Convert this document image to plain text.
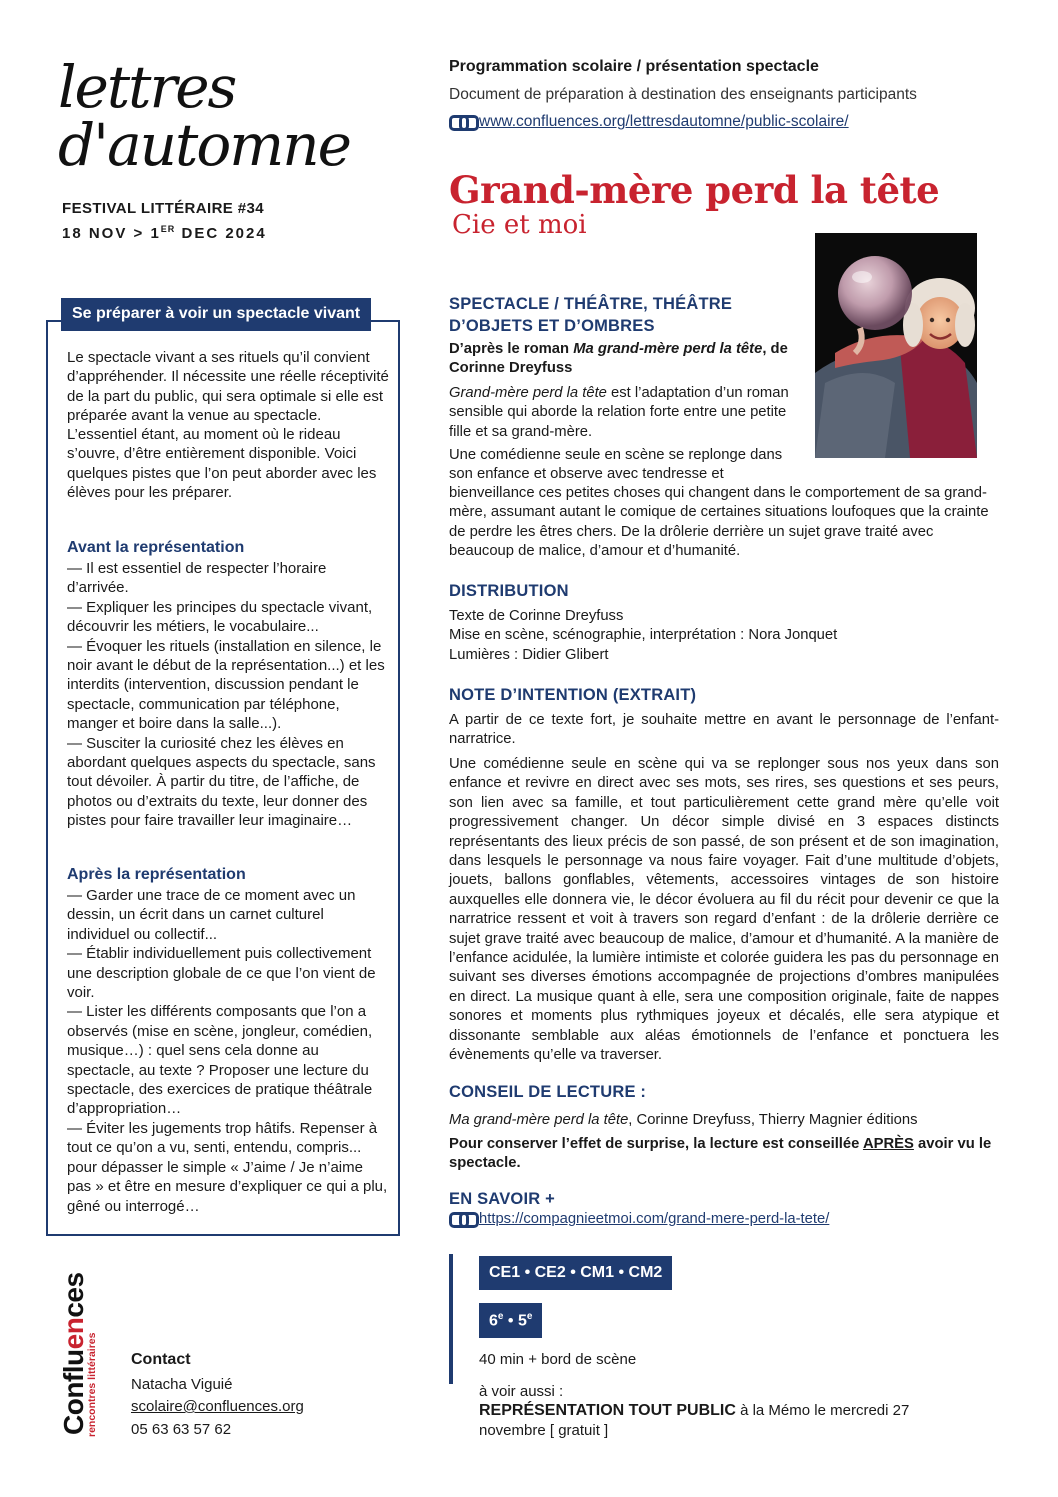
lettres
d'automne
FESTIVAL LITTÉRAIRE #34
18 NOV > 1ER DEC 2024
Programmation scolaire / présentation spectacle
Document de préparation à destination des enseignants participants
www.confluences.org/lettresdautomne/public-scolaire/
Grand-mère perd la tête
Cie et moi
Se préparer à voir un spectacle vivant
Le spectacle vivant a ses rituels qu’il convient d’appréhender. Il nécessite une réelle réceptivité de la part du public, qui sera optimale si elle est préparée avant la venue au spectacle. L’essentiel étant, au moment où le rideau s’ouvre, d’être entièrement disponible. Voici quelques pistes que l’on peut aborder avec les élèves pour les préparer.
Avant la représentation

— Il est essentiel de respecter l’horaire d’arrivée.

— Expliquer les principes du spectacle vivant, découvrir les métiers, le vocabulaire...

— Évoquer les rituels (installation en silence, le noir avant le début de la représentation...) et les interdits (intervention, discussion pendant le spectacle, communication par téléphone, manger et boire dans la salle...).

— Susciter la curiosité chez les élèves en abordant quelques aspects du spectacle, sans tout dévoiler. À partir du titre, de l’affiche, de photos ou d’extraits du texte, leur donner des pistes pour faire travailler leur imaginaire…

Après la représentation

— Garder une trace de ce moment avec un dessin, un écrit dans un carnet culturel individuel ou collectif...

— Établir individuellement puis collectivement une description globale de ce que l’on vient de voir.

— Lister les différents composants que l’on a observés (mise en scène, jongleur, comédien, musique…) : quel sens cela donne au spectacle, au texte ? Proposer une lecture du spectacle, des exercices de pratique théâtrale d’appropriation…

— Éviter les jugements trop hâtifs. Repenser à tout ce qu’on a vu, senti, entendu, compris... pour dépasser le simple « J’aime / Je n’aime pas » et être en mesure d’expliquer ce qui a plu, gêné ou interrogé…

SPECTACLE / THÉÂTRE, THÉÂTRE
D’OBJETS ET D’OMBRES
D’après le roman Ma grand-mère perd la tête, de
Corinne Dreyfuss
Grand-mère perd la tête est l’adaptation d’un roman sensible qui aborde la relation forte entre une petite fille et sa grand-mère.
Une comédienne seule en scène se replonge dans son enfance et observe avec tendresse et
bienveillance ces petites choses qui changent dans le comportement de sa grand-mère, assumant autant le comique de certaines situations loufoques que la crainte de perdre les êtres chers. De la drôlerie derrière un sujet grave traité avec beaucoup de malice, d’amour et d’humanité.
DISTRIBUTION
Texte de Corinne Dreyfuss
Mise en scène, scénographie, interprétation : Nora Jonquet
Lumières : Didier Glibert
NOTE D’INTENTION (EXTRAIT)
A partir de ce texte fort, je souhaite mettre en avant le personnage de l’enfant-narratrice.
Une comédienne seule en scène qui va se replonger sous nos yeux dans son enfance et revivre en direct avec ses mots, ses rires, ses questions et ses peurs, son lien avec sa famille, et tout particulièrement cette grand mère qu’elle voit progressivement changer. Un décor simple divisé en 3 espaces distincts représentants des lieux précis de son passé, de son présent et de son imagination, dans lesquels le personnage va nous faire voyager. Fait d’une multitude d’objets, jouets, ballons gonflables, vêtements, accessoires vintages de son histoire auxquelles elle donnera vie, le décor évoluera au fil du récit pour devenir ce que la narratrice ressent et voit à travers son regard d’enfant : de la drôlerie derrière ce sujet grave traité avec beaucoup de malice, d’amour et d’humanité. A la manière de l’enfance acidulée, la lumière intimiste et colorée guidera les pas du personnage en suivant ses diverses émotions accompagnée de projections d’ombres manipulées en direct. La musique quant à elle, sera une composition originale, faite de nappes sonores et moments plus rythmiques joyeux et décalés, elle sera atypique et dissonante semblable aux aléas émotionnels de l’enfance et ponctuera les évènements qu’elle va traverser.
CONSEIL DE LECTURE :
Ma grand-mère perd la tête, Corinne Dreyfuss, Thierry Magnier éditions
Pour conserver l’effet de surprise, la lecture est conseillée APRÈS avoir vu le spectacle.
EN SAVOIR +
https://compagnieetmoi.com/grand-mere-perd-la-tete/
CE1 • CE2 • CM1 • CM2
6e • 5e
40 min + bord de scène
à voir aussi :
REPRÉSENTATION TOUT PUBLIC à la Mémo le mercredi 27 novembre [ gratuit ]
Confluences
rencontres littéraires Contact
Natacha Viguié
scolaire@confluences.org
05 63 63 57 62
